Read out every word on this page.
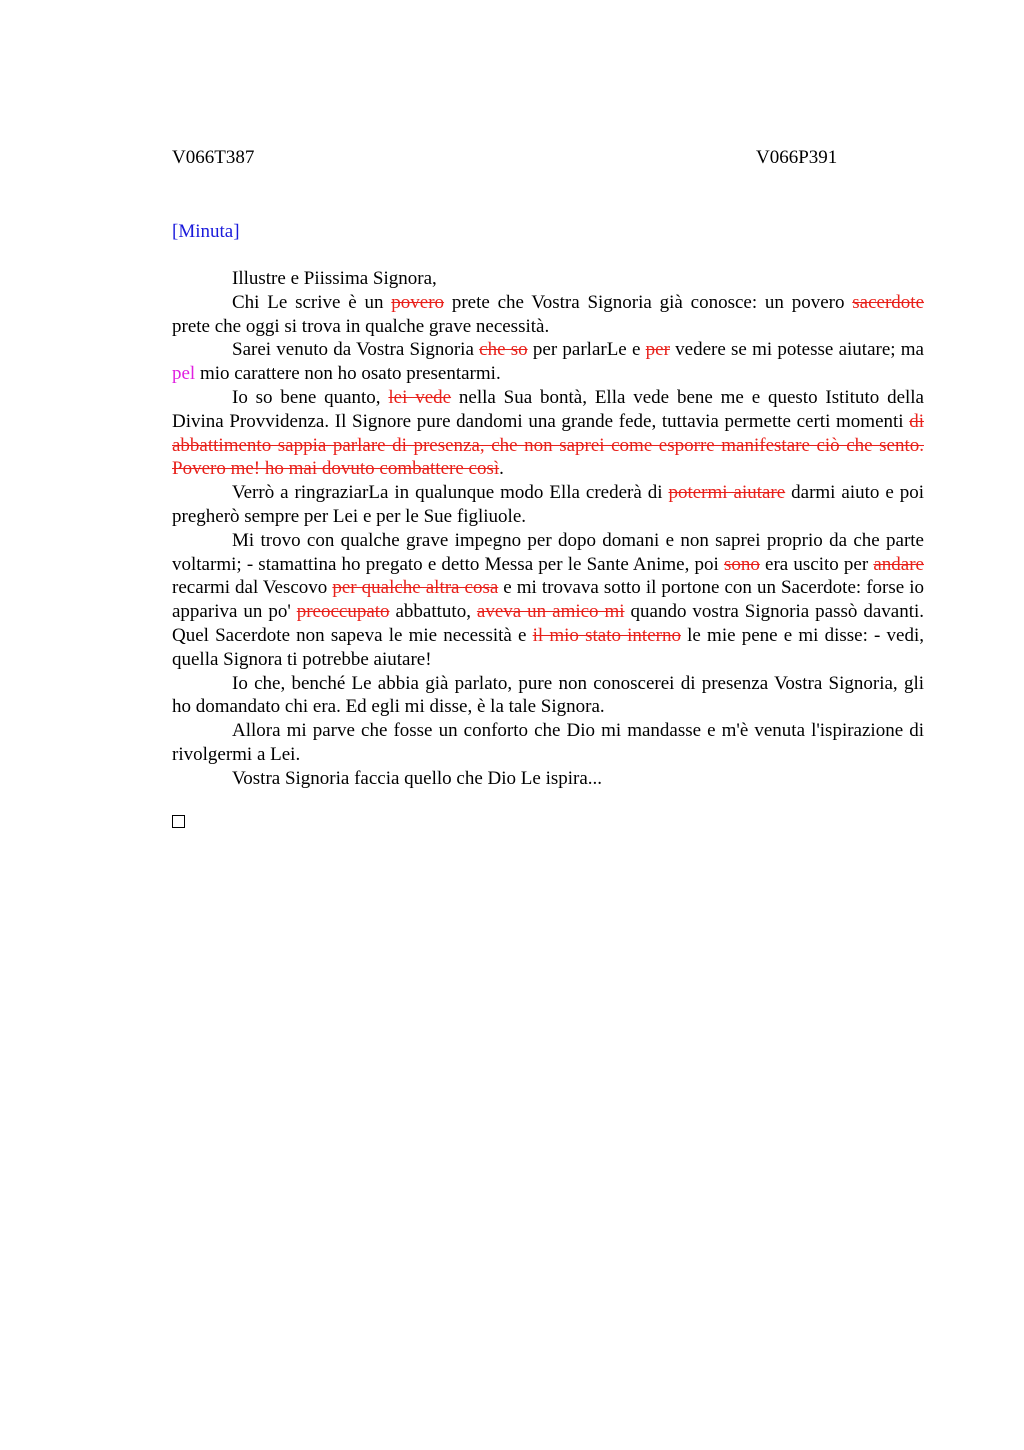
V066T387	V066P391
[Minuta]

Illustre e Piissima Signora,

Chi Le scrive è un povero prete che Vostra Signoria già conosce: un povero sacerdote prete che oggi si trova in qualche grave necessità.

Sarei venuto da Vostra Signoria che so per parlarLe e per vedere se mi potesse aiutare; ma pel mio carattere non ho osato presentarmi.

Io so bene quanto, lei vede nella Sua bontà, Ella vede bene me e questo Istituto della Divina Provvidenza. Il Signore pure dandomi una grande fede, tuttavia permette certi momenti di abbattimento sappia parlare di presenza, che non saprei come esporre manifestare ciò che sento. Povero me! ho mai dovuto combattere così.

Verrò a ringraziarLa in qualunque modo Ella crederà di potermi aiutare darmi aiuto e poi pregherò sempre per Lei e per le Sue figliuole.

Mi trovo con qualche grave impegno per dopo domani e non saprei proprio da che parte voltarmi; - stamattina ho pregato e detto Messa per le Sante Anime, poi sono era uscito per andare recarmi dal Vescovo per qualche altra cosa e mi trovava sotto il portone con un Sacerdote: forse io appariva un po' preoccupato abbattuto, aveva un amico mi quando vostra Signoria passò davanti. Quel Sacerdote non sapeva le mie necessità e il mio stato interno le mie pene e mi disse: - vedi, quella Signora ti potrebbe aiutare!

Io che, benché Le abbia già parlato, pure non conoscerei di presenza Vostra Signoria, gli ho domandato chi era. Ed egli mi disse, è la tale Signora.

Allora mi parve che fosse un conforto che Dio mi mandasse e m'è venuta l'ispirazione di rivolgermi a Lei.

Vostra Signoria faccia quello che Dio Le ispira...
